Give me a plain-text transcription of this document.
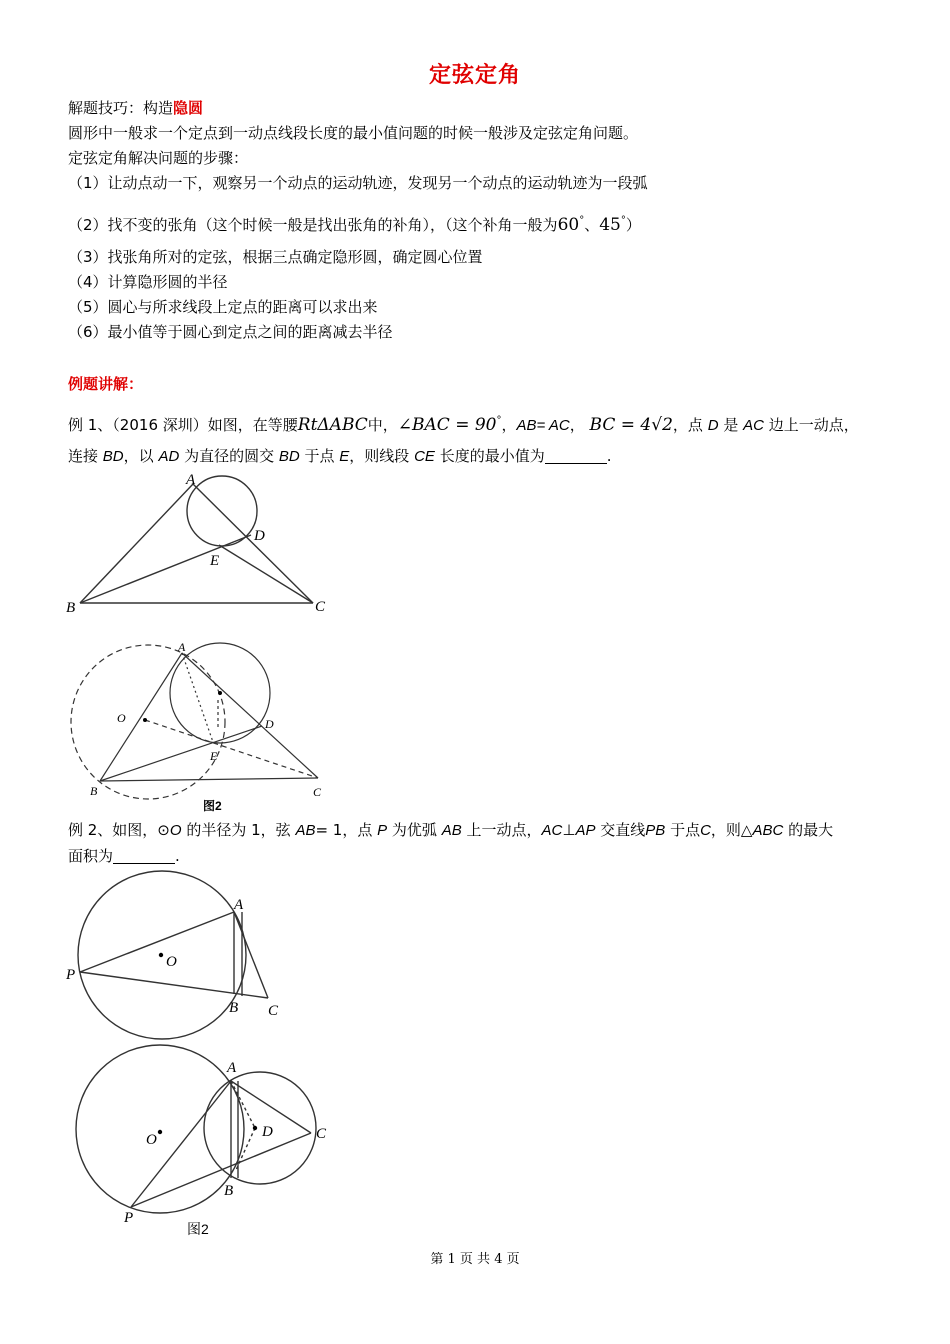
定弦定角
解题技巧：构造隐圆
圆形中一般求一个定点到一动点线段长度的最小值问题的时候一般涉及定弦定角问题。
定弦定角解决问题的步骤：
（1）让动点动一下，观察另一个动点的运动轨迹，发现另一个动点的运动轨迹为一段弧
（2）找不变的张角（这个时候一般是找出张角的补角），（这个补角一般为60°、45°）
（3）找张角所对的定弦，根据三点确定隐形圆，确定圆心位置
（4）计算隐形圆的半径
（5）圆心与所求线段上定点的距离可以求出来
（6）最小值等于圆心到定点之间的距离减去半径
例题讲解：
例 1、（2016 深圳）如图，在等腰RtΔABC中，∠BAC = 90°，AB= AC， BC = 4√2，点 D 是 AC 边上一动点，
连接 BD，以 AD 为直径的圆交 BD 于点 E，则线段 CE 长度的最小值为	.
A
B	C
D
E
A
B	C
D
E
O
图2
例 2、如图，⊙O 的半径为 1，弦 AB= 1，点 P 为优弧 AB 上一动点，AC⊥AP 交直线PB 于点C，则△ABC 的最大
面积为	.
A
B C
O
P
A
B
C
D
O
P
图2
第 1 页 共 4 页
